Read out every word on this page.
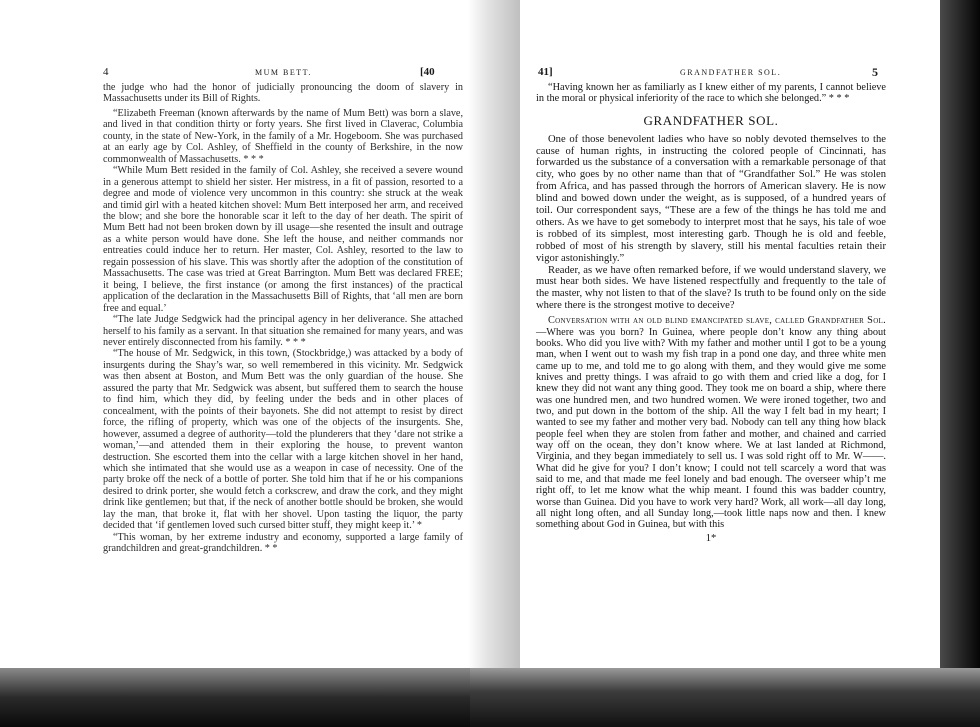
4	MUM BETT.	[40

the judge who had the honor of judicially pronouncing the doom of slavery in Massachusetts under its Bill of Rights.

“Elizabeth Freeman (known afterwards by the name of Mum Bett) was born a slave, and lived in that condition thirty or forty years. She first lived in Claverac, Columbia county, in the state of New-York, in the family of a Mr. Hogeboom. She was purchased at an early age by Col. Ashley, of Sheffield in the county of Berkshire, in the now commonwealth of Massachusetts. * * *

“While Mum Bett resided in the family of Col. Ashley, she received a severe wound in a generous attempt to shield her sister. Her mistress, in a fit of passion, resorted to a degree and mode of violence very uncommon in this country: she struck at the weak and timid girl with a heated kitchen shovel: Mum Bett interposed her arm, and received the blow; and she bore the honorable scar it left to the day of her death. The spirit of Mum Bett had not been broken down by ill usage—she resented the insult and outrage as a white person would have done. She left the house, and neither commands nor entreaties could induce her to return. Her master, Col. Ashley, resorted to the law to regain possession of his slave. This was shortly after the adoption of the constitution of Massachusetts. The case was tried at Great Barrington. Mum Bett was declared FREE; it being, I believe, the first instance (or among the first instances) of the practical application of the declaration in the Massachusetts Bill of Rights, that ‘all men are born free and equal.’

“The late Judge Sedgwick had the principal agency in her deliverance. She attached herself to his family as a servant. In that situation she remained for many years, and was never entirely disconnected from his family. * * *

“The house of Mr. Sedgwick, in this town, (Stockbridge,) was attacked by a body of insurgents during the Shay’s war, so well remembered in this vicinity. Mr. Sedgwick was then absent at Boston, and Mum Bett was the only guardian of the house. She assured the party that Mr. Sedgwick was absent, but suffered them to search the house to find him, which they did, by feeling under the beds and in other places of concealment, with the points of their bayonets. She did not attempt to resist by direct force, the rifling of property, which was one of the objects of the insurgents. She, however, assumed a degree of authority—told the plunderers that they ‘dare not strike a woman,’—and attended them in their exploring the house, to prevent wanton destruction. She escorted them into the cellar with a large kitchen shovel in her hand, which she intimated that she would use as a weapon in case of necessity. One of the party broke off the neck of a bottle of porter. She told him that if he or his companions desired to drink porter, she would fetch a corkscrew, and draw the cork, and they might drink like gentlemen; but that, if the neck of another bottle should be broken, she would lay the man, that broke it, flat with her shovel. Upon tasting the liquor, the party decided that ‘if gentlemen loved such cursed bitter stuff, they might keep it.’ *

“This woman, by her extreme industry and economy, supported a large family of grandchildren and great-grandchildren. * *

41]	GRANDFATHER SOL.	5

“Having known her as familiarly as I knew either of my parents, I cannot believe in the moral or physical inferiority of the race to which she belonged.” * * *

GRANDFATHER SOL.

One of those benevolent ladies who have so nobly devoted themselves to the cause of human rights, in instructing the colored people of Cincinnati, has forwarded us the substance of a conversation with a remarkable personage of that city, who goes by no other name than that of “Grandfather Sol.” He was stolen from Africa, and has passed through the horrors of American slavery. He is now blind and bowed down under the weight, as is supposed, of a hundred years of toil. Our correspondent says, “These are a few of the things he has told me and others. As we have to get somebody to interpret most that he says, his tale of woe is robbed of its simplest, most interesting garb. Though he is old and feeble, robbed of most of his strength by slavery, still his mental faculties retain their vigor astonishingly.”

Reader, as we have often remarked before, if we would understand slavery, we must hear both sides. We have listened respectfully and frequently to the tale of the master, why not listen to that of the slave? Is truth to be found only on the side where there is the strongest motive to deceive?

Conversation with an old blind emancipated slave, called Grandfather Sol.—Where was you born? In Guinea, where people don’t know any thing about books. Who did you live with? With my father and mother until I got to be a young man, when I went out to wash my fish trap in a pond one day, and three white men came up to me, and told me to go along with them, and they would give me some knives and pretty things. I was afraid to go with them and cried like a dog, for I knew they did not want any thing good. They took me on board a ship, where there was one hundred men, and two hundred women. We were ironed together, two and two, and put down in the bottom of the ship. All the way I felt bad in my heart; I wanted to see my father and mother very bad. Nobody can tell any thing how black people feel when they are stolen from father and mother, and chained and carried way off on the ocean, they don’t know where. We at last landed at Richmond, Virginia, and they began immediately to sell us. I was sold right off to Mr. W——. What did he give for you? I don’t know; I could not tell scarcely a word that was said to me, and that made me feel lonely and bad enough. The overseer whip’t me right off, to let me know what the whip meant. I found this was badder country, worse than Guinea. Did you have to work very hard? Work, all work—all day long, all night long often, and all Sunday long,—took little naps now and then. I knew something about God in Guinea, but with this

1*
